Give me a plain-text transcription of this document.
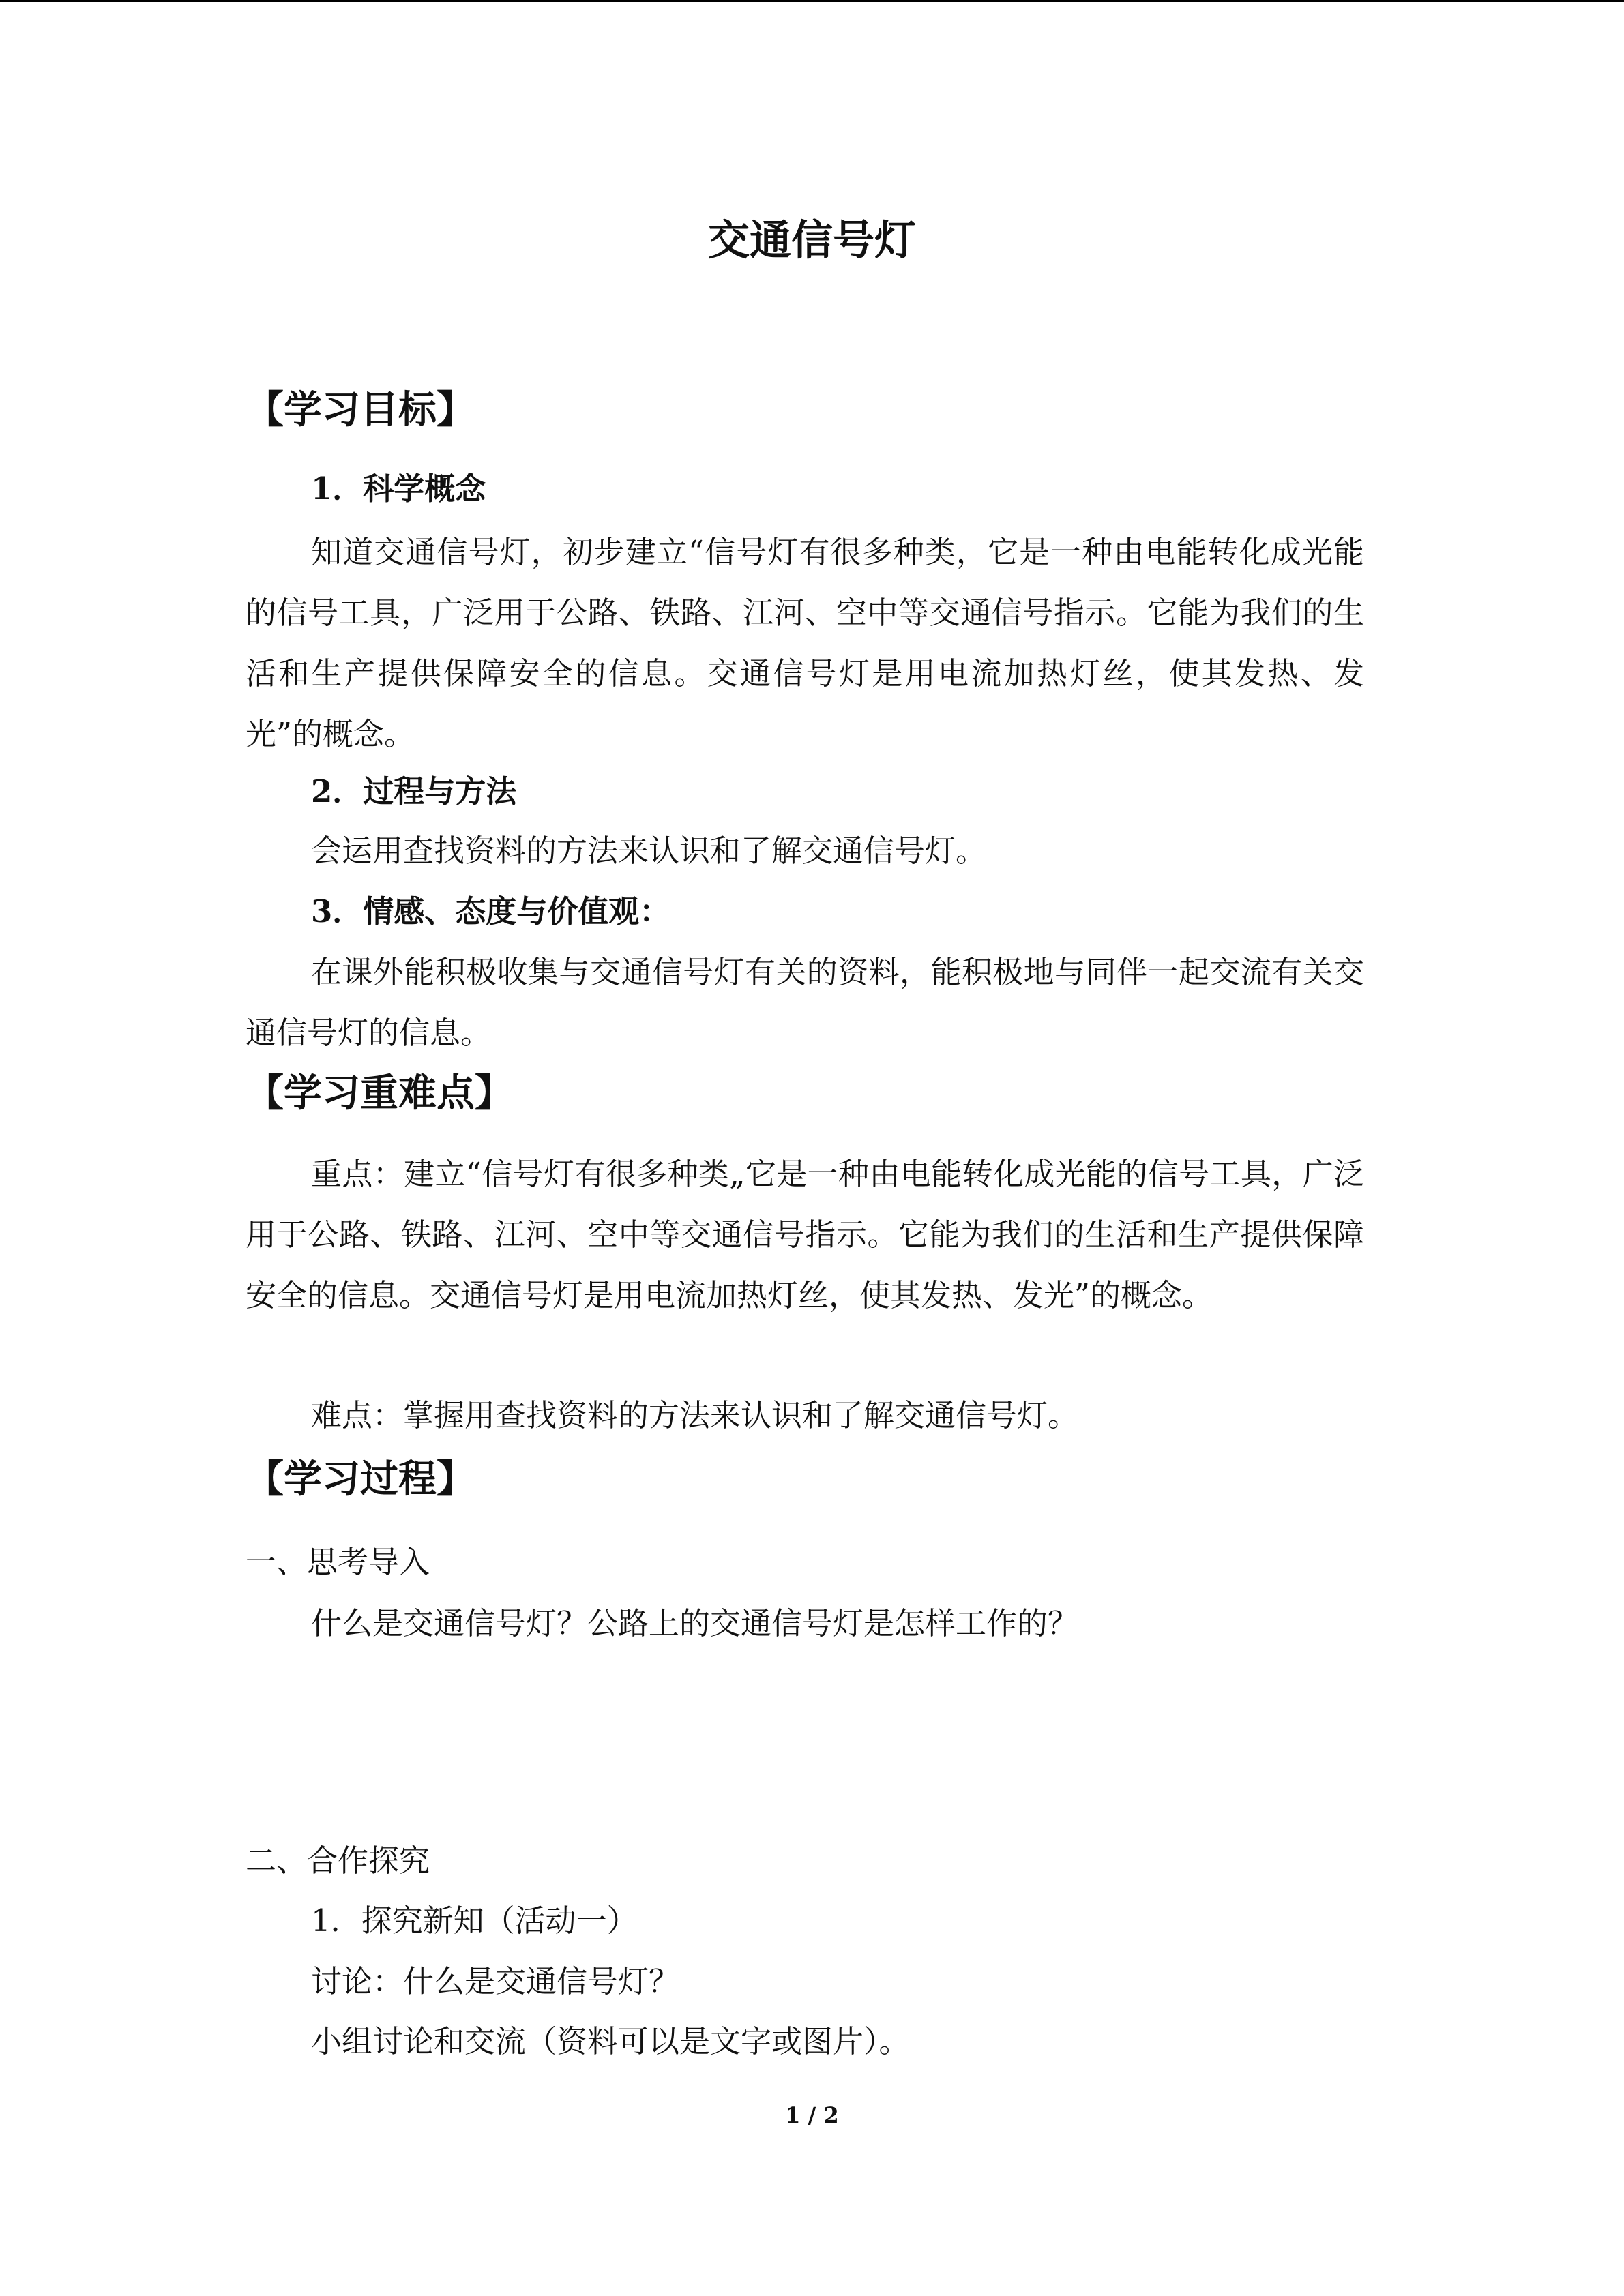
交通信号灯
【学习目标】
1．科学概念

知道交通信号灯，初步建立“信号灯有很多种类，它是一种由电能转化成光能的信号工具，广泛用于公路、铁路、江河、空中等交通信号指示。它能为我们的生活和生产提供保障安全的信息。交通信号灯是用电流加热灯丝，使其发热、发光”的概念。

2．过程与方法
会运用查找资料的方法来认识和了解交通信号灯。
3．情感、态度与价值观：

在课外能积极收集与交通信号灯有关的资料，能积极地与同伴一起交流有关交通信号灯的信息。

【学习重难点】

重点：建立“信号灯有很多种类„它是一种由电能转化成光能的信号工具，广泛用于公路、铁路、江河、空中等交通信号指示。它能为我们的生活和生产提供保障安全的信息。交通信号灯是用电流加热灯丝，使其发热、发光”的概念。

难点：掌握用查找资料的方法来认识和了解交通信号灯。
【学习过程】
一、思考导入
什么是交通信号灯？公路上的交通信号灯是怎样工作的？
二、合作探究
1．探究新知（活动一）
讨论：什么是交通信号灯？
小组讨论和交流（资料可以是文字或图片）。
1 / 2
